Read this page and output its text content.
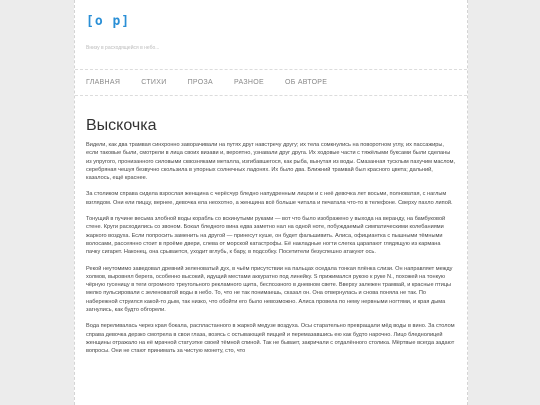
[o p]
Внизу в расходящейся в небо...
ГЛАВНАЯ	СТИХИ	ПРОЗА	РАЗНОЕ	ОБ АВТОРЕ
Выскочка

Видели, как два трамвая синхронно заворачивали на путях друг навстречу другу; их тела сомкнулись на поворотном углу, их пассажиры, если таковые были, смотрели в лица своих визави и, вероятно, узнавали друг друга. Их ходовые части с тяжёлыми буксами были сделаны из упругого, пронизанного силовыми сквозняками металла, изгибавшегося, как рыба, вынутая из воды. Смазанная тусклым пахучим маслом, серебряная чешуя безвучно скользила в упорных солнечных ладонях. Их было два. Ближний трамвай был красного цвета; дальний, казалось, ещё краснее.

За столиком справа сидела взрослая женщина с черёсчур бледно напудренным лицом и с неё девочка лет восьми, полноватая, с наглым взглядом. Они ели пиццу, вернее, девочка ела неохотно, а женщина всё больше читала и печатала что-то в телефоне. Сверху пахло липой.

Тонущий в пучине весьма злобной воды корабль со вскинутыми руками — вот что было изображено у выхода на веранду, на бамбуковой стене. Круги расходились со звоном. Бокал бледного вина едва заметно нал на одной ноте, побуждаемый симпатическими колебаниями жаркого воздуха. Если попросить заменить на другой — принесут кушe, он будет фальшивить. Алиса, официантка с пышными тёмными волосами, рассеянно стоит в проёме двери, слева от морской катастрофы. Её накладные ногти слегка царапают глядящую из кармана пачку сигарет. Наконец, она срывается, уходит вглубь, к бару, в подсобку. Посетители безуспешно атакуют ось.

Рекой неутомимо заведовал древний зеленоватый дух, в чьём присутствии на пальцах оседала тонкая плёнка слизи. Он направляет между холмов, выровнял берега, особенно высокий, идущий местами аккуратно под линейку. S прижимался рукою к руке N., похожей на тонкую чёрную гусеницу в теги огромного треугольного рекламного щита, беспоэзного в дневном свете. Вверху залежен трамвай, и красные птицы мелко пульсировали с зеленоватой воды в небо. То, что не так понимаешь, сказал он. Она отвернулась и снова поняла не так. По набережной струился какой-то дым, так низко, что обойти его было невозможно. Алиса провела по нему нервными ногтями, и края дыма загнулись, как будто обгорели.

Вода переливалась через края бокала, распластанного в жаркой медузе воздуха. Осы старательно превращали мёд воды в вино. За столом справа девочка дерзко смотрела в свои глаза, возясь с остывающей пиццей и перемазавшись ею как будто нарочно. Лицо бледнолицей женщины отражало на её мрачной статуэтке своей тёмной спиной. Так не бывает, закричали с отдалённого столика. Мёртвые всегда задают вопросы. Они не стают принимать за чистую монету, сто, что
